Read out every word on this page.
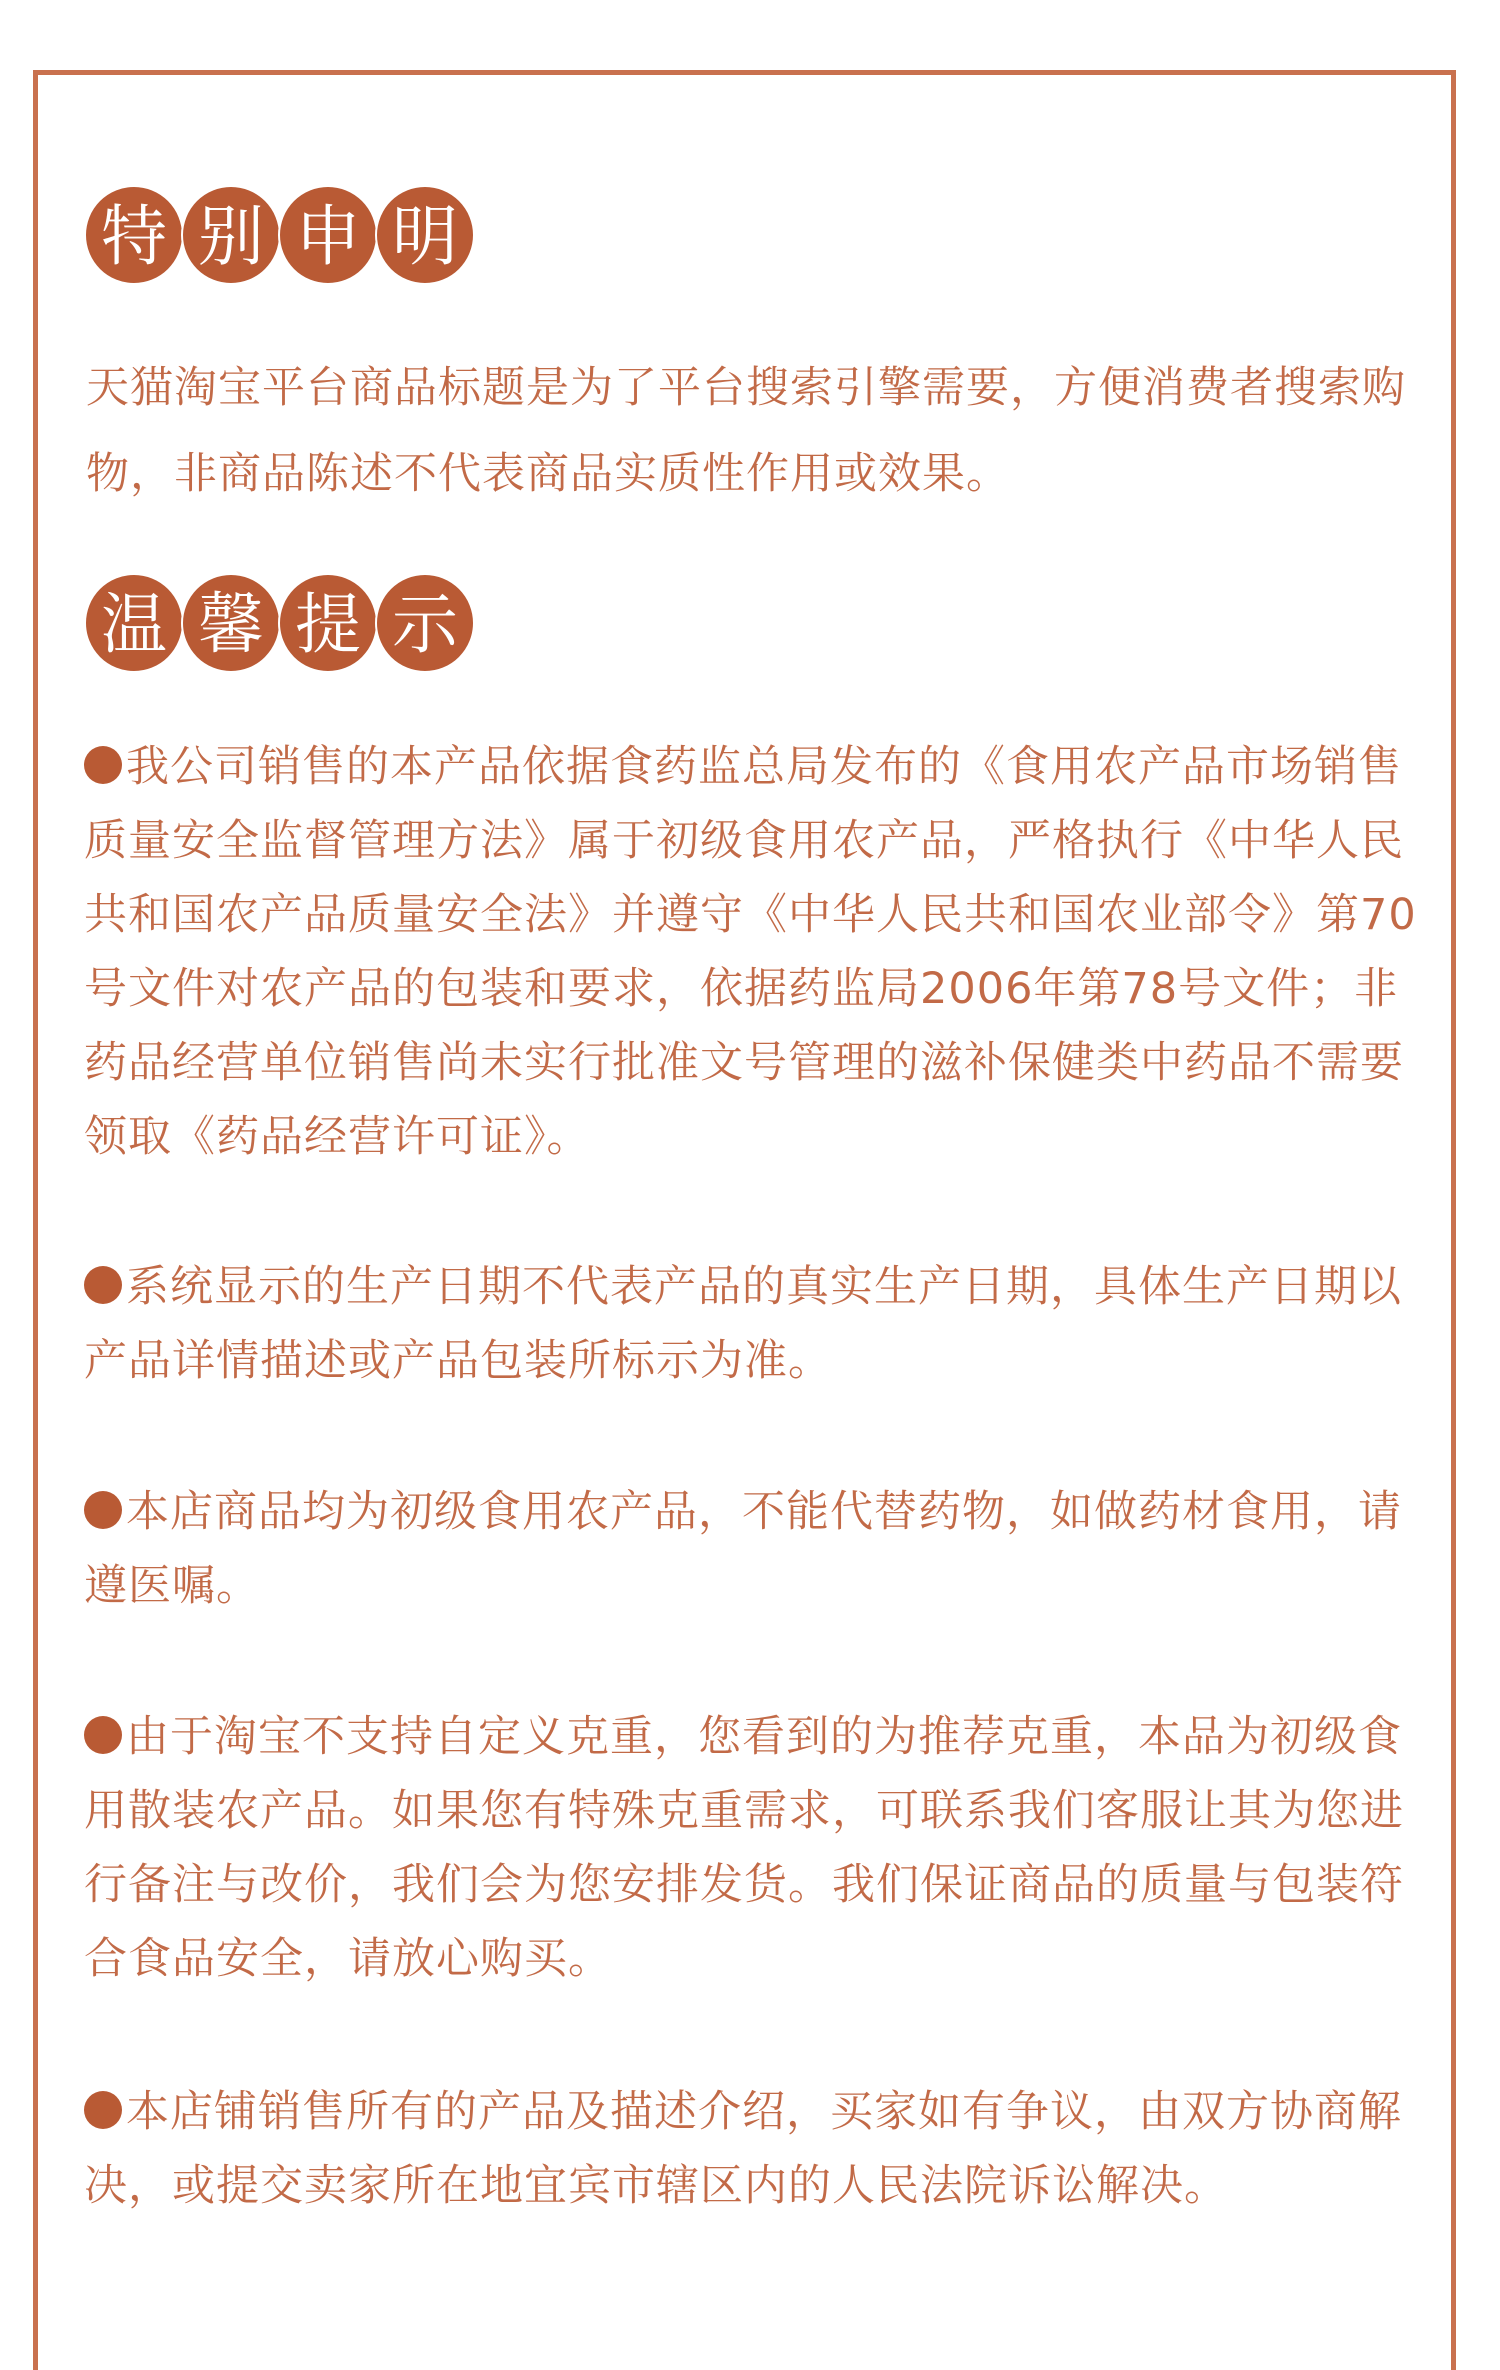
特 别 申 明

天猫淘宝平台商品标题是为了平台搜索引擎需要，方便消费者搜索购物，非商品陈述不代表商品实质性作用或效果。

温 馨 提 示

我公司销售的本产品依据食药监总局发布的《食用农产品市场销售质量安全监督管理方法》属于初级食用农产品，严格执行《中华人民共和国农产品质量安全法》并遵守《中华人民共和国农业部令》第70号文件对农产品的包装和要求，依据药监局2006年第78号文件；非药品经营单位销售尚未实行批准文号管理的滋补保健类中药品不需要领取《药品经营许可证》。

系统显示的生产日期不代表产品的真实生产日期，具体生产日期以产品详情描述或产品包装所标示为准。

本店商品均为初级食用农产品，不能代替药物，如做药材食用，请遵医嘱。

由于淘宝不支持自定义克重，您看到的为推荐克重，本品为初级食用散装农产品。如果您有特殊克重需求，可联系我们客服让其为您进行备注与改价，我们会为您安排发货。我们保证商品的质量与包装符合食品安全，请放心购买。

本店铺销售所有的产品及描述介绍，买家如有争议，由双方协商解决，或提交卖家所在地宜宾市辖区内的人民法院诉讼解决。
